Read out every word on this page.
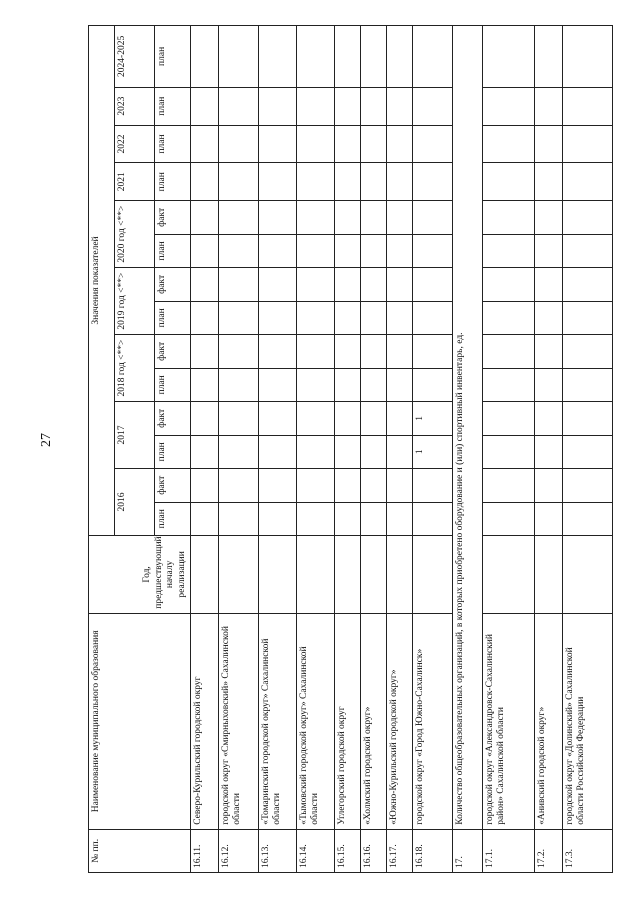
27
№ пп.	Наименование муниципального образования	Год, предшествующий началу реализации	Значения показателей													
			2016		2017		2018 год <**>		2019 год <**>		2020 год <**>		2021	2022	2023	2024-2025
			план	факт	план	факт	план	факт	план	факт	план	факт	план	план	план	план
16.11.	Северо-Курильский городской округ															
16.12.	городской округ «Смирныховский» Сахалинской области															
16.13.	«Томаринский городской округ» Сахалинской области															
16.14.	«Тымовский городской округ» Сахалинской области															
16.15.	Углегорский городской округ															
16.16.	«Холмский городской округ»															
16.17.	«Южно-Курильский городской округ»															
16.18.	городской округ «Город Южно-Сахалинск»				1	1										
17.	Количество общеобразовательных организаций, в которых приобретено оборудование и (или) спортивный инвентарь, ед.															
17.1.	городской округ «Александровск-Сахалинский район» Сахалинской области															
17.2.	«Анивский городской округ»															
17.3.	городской округ «Долинский» Сахалинской области Российской Федерации															
